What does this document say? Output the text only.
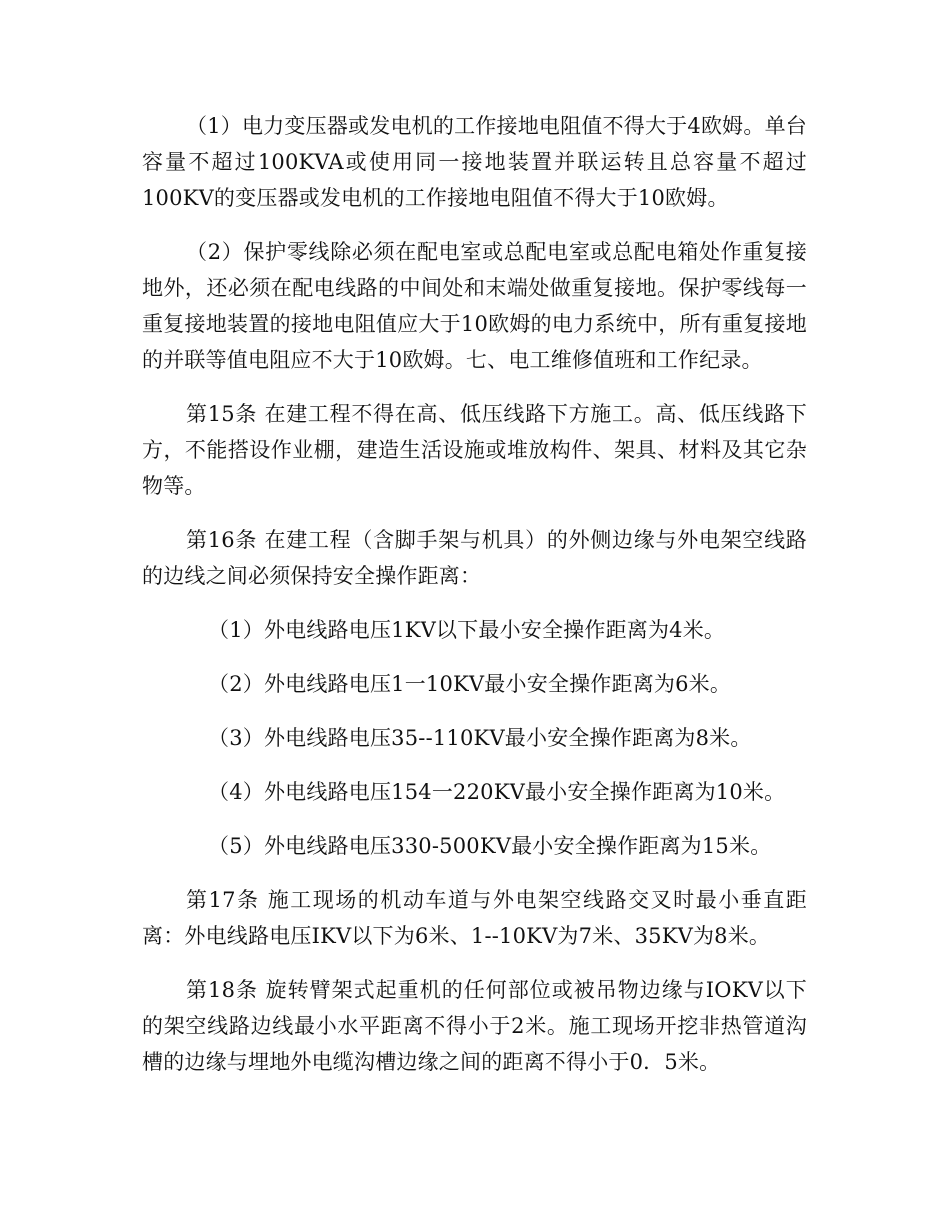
（1）电力变压器或发电机的工作接地电阻值不得大于4欧姆。单台容量不超过100KVA或使用同一接地装置并联运转且总容量不超过100KV的变压器或发电机的工作接地电阻值不得大于10欧姆。

（2）保护零线除必须在配电室或总配电室或总配电箱处作重复接地外，还必须在配电线路的中间处和末端处做重复接地。保护零线每一重复接地装置的接地电阻值应大于10欧姆的电力系统中，所有重复接地的并联等值电阻应不大于10欧姆。七、电工维修值班和工作纪录。

第15条 在建工程不得在高、低压线路下方施工。高、低压线路下方，不能搭设作业棚，建造生活设施或堆放构件、架具、材料及其它杂物等。

第16条 在建工程（含脚手架与机具）的外侧边缘与外电架空线路的边线之间必须保持安全操作距离：

（1）外电线路电压1KV以下最小安全操作距离为4米。

（2）外电线路电压1一10KV最小安全操作距离为6米。

（3）外电线路电压35--110KV最小安全操作距离为8米。

（4）外电线路电压154一220KV最小安全操作距离为10米。

（5）外电线路电压330-500KV最小安全操作距离为15米。

第17条 施工现场的机动车道与外电架空线路交叉时最小垂直距离：外电线路电压IKV以下为6米、1--10KV为7米、35KV为8米。

第18条 旋转臂架式起重机的任何部位或被吊物边缘与IOKV以下的架空线路边线最小水平距离不得小于2米。施工现场开挖非热管道沟槽的边缘与埋地外电缆沟槽边缘之间的距离不得小于0．5米。
